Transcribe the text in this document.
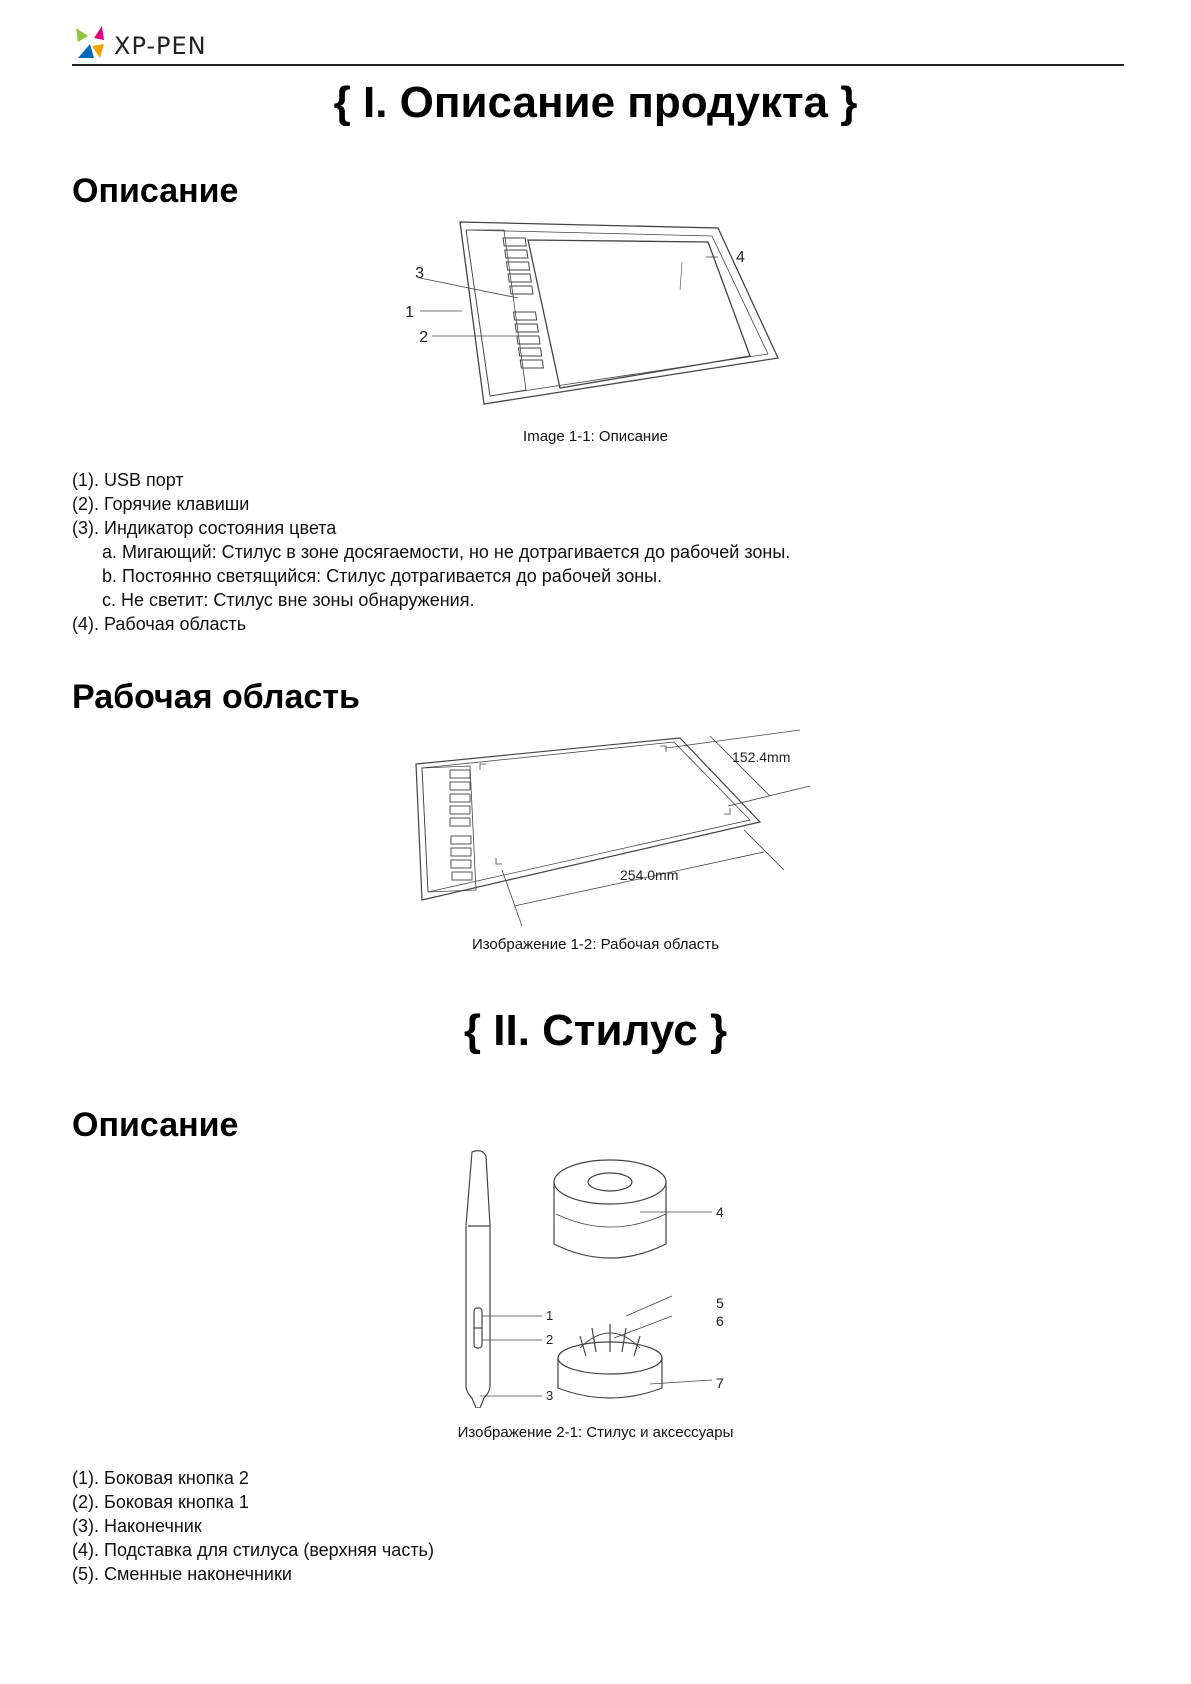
XP-PEN
{ I. Описание продукта }
Описание
3
1
2
4
Image 1-1: Описание
(1). USB порт
(2). Горячие клавиши
(3). Индикатор состояния цвета
a. Мигающий: Стилус в зоне досягаемости, но не дотрагивается до рабочей зоны.
b. Постоянно светящийся: Стилус дотрагивается до рабочей зоны.
c. Не светит: Стилус вне зоны обнаружения.
(4). Рабочая область
Рабочая область
152.4mm
254.0mm
Изображение 1-2: Рабочая область
{ II. Стилус }
Описание
1
2
3
4
5
6
7
Изображение 2-1: Стилус и аксессуары
(1). Боковая кнопка 2
(2). Боковая кнопка 1
(3). Наконечник
(4). Подставка для стилуса (верхняя часть)
(5). Сменные наконечники
